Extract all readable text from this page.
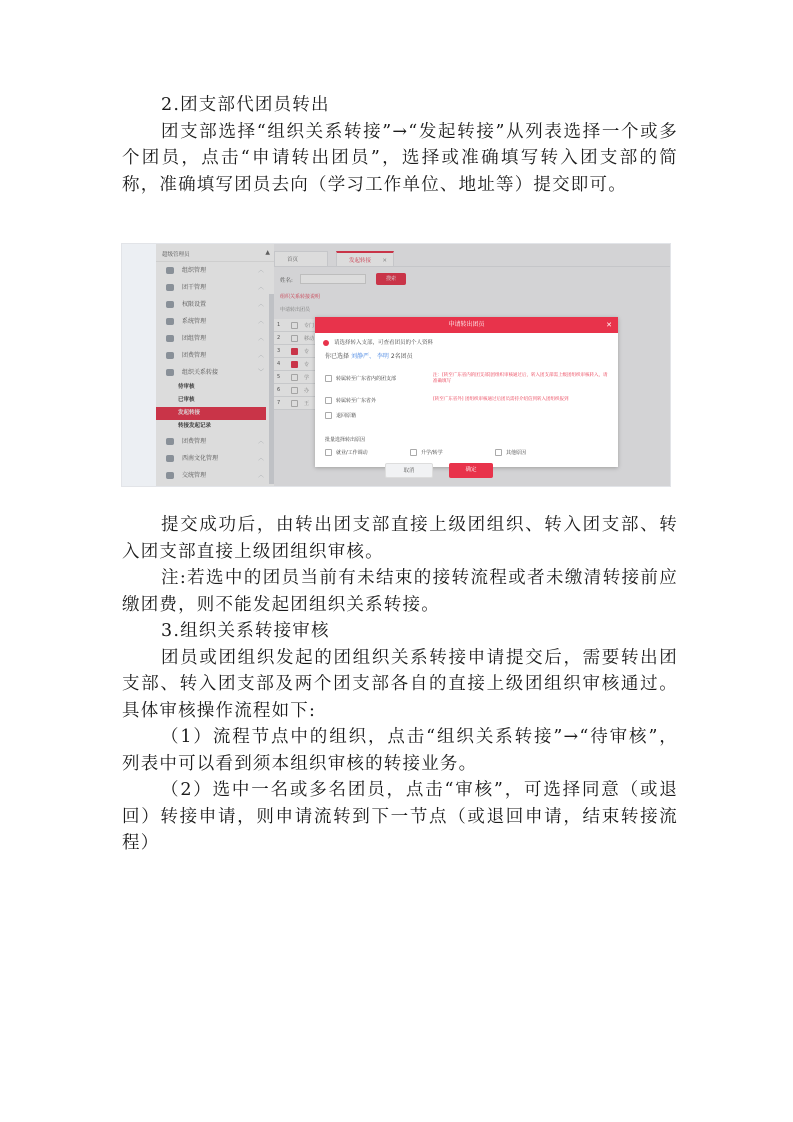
2.团支部代团员转出

团支部选择“组织关系转接”→“发起转接”从列表选择一个或多个团员，点击“申请转出团员”，选择或准确填写转入团支部的简称，准确填写团员去向（学习工作单位、地址等）提交即可。

超级管理员	▲
组织管理	︿
团干管理	︿
权限设置	︿
系统管理	︿
团组管理	︿
团费管理	︿
组织关系转接	﹀
待审核
已审核
发起转接
转接发起记录
团费管理	︿
西南文化管理	︿
交统管理	︿
首页	发起转接 ✕
姓名:	搜索
组织关系转接说明
申请转出团员
1	专门
2	移动
3	专
4	专
5	学
6	办
7	王
申请转出团员	✕
请选择转入支部，可查看团员的个人资料
你已选择 刘静严、 李明 2名团员
转属转至广东省内的团支部
注：[转至广东省内的团支部]团组织审核通过后，转入团支部需上级团组织审核转入，请准确填写
转属转至广东省外	[转至广东省外] 团组织审核通过后团员需持介绍信到转入团组织报到
退回原籍
批量选择转出原因
就业/工作调动	升学/转学	其他原因
取消	确定

提交成功后，由转出团支部直接上级团组织、转入团支部、转入团支部直接上级团组织审核。

注:若选中的团员当前有未结束的接转流程或者未缴清转接前应缴团费，则不能发起团组织关系转接。

3.组织关系转接审核

团员或团组织发起的团组织关系转接申请提交后，需要转出团支部、转入团支部及两个团支部各自的直接上级团组织审核通过。具体审核操作流程如下:

（1）流程节点中的组织，点击“组织关系转接”→“待审核”，列表中可以看到须本组织审核的转接业务。

（2）选中一名或多名团员，点击“审核”，可选择同意（或退回）转接申请，则申请流转到下一节点（或退回申请，结束转接流程）
